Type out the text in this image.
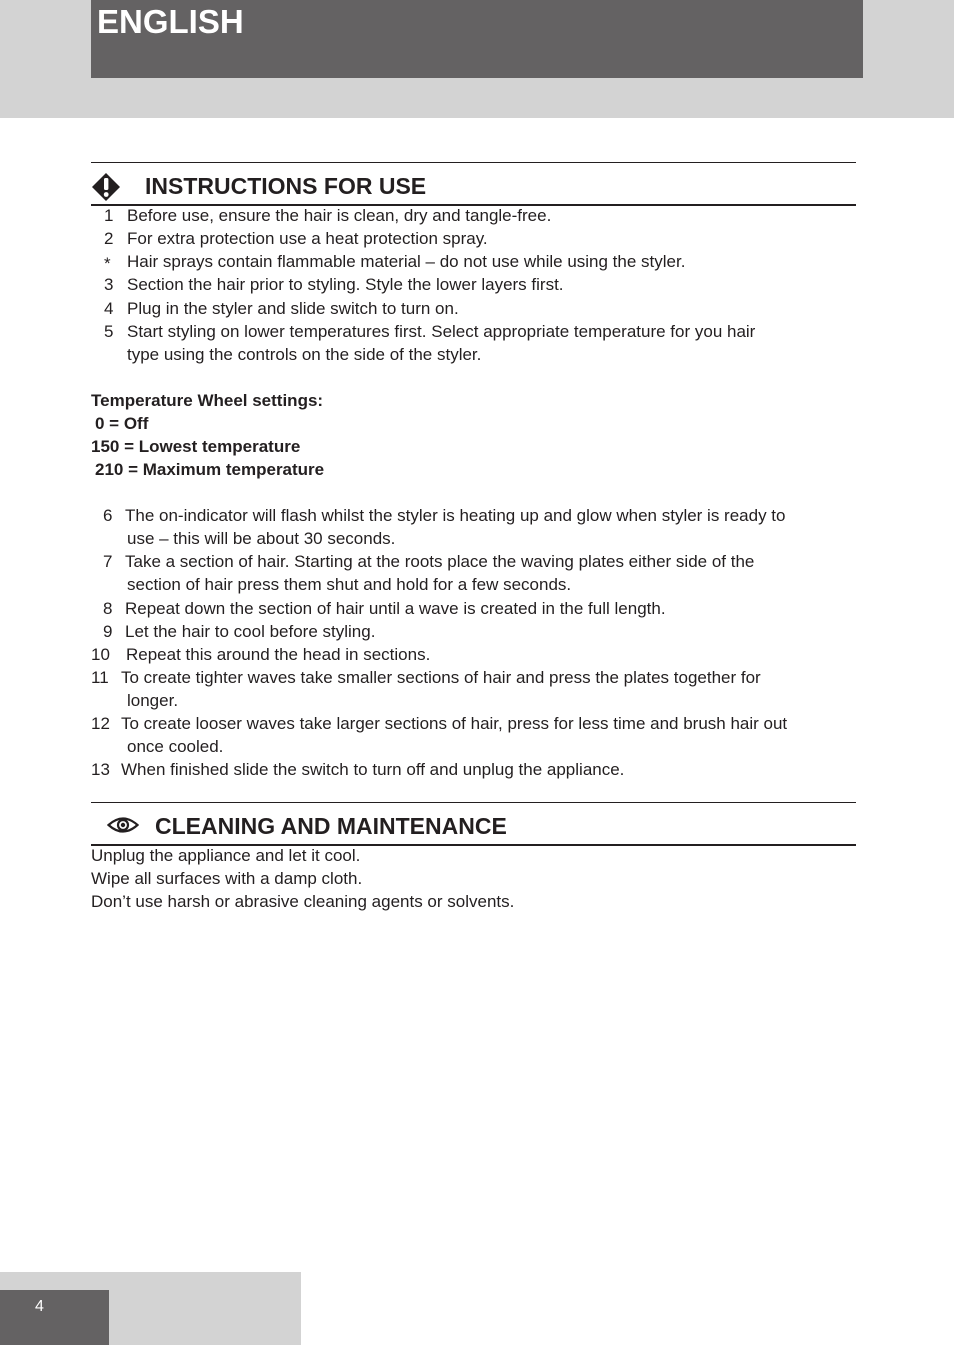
ENGLISH
INSTRUCTIONS FOR USE
1 Before use, ensure the hair is clean, dry and tangle-free.
2 For extra protection use a heat protection spray.
* Hair sprays contain flammable material – do not use while using the styler.
3 Section the hair prior to styling. Style the lower layers first.
4 Plug in the styler and slide switch to turn on.
5 Start styling on lower temperatures first. Select appropriate temperature for you hair
type using the controls on the side of the styler.
Temperature Wheel settings:
0 = Off
150 = Lowest temperature
210 = Maximum temperature
6 The on-indicator will flash whilst the styler is heating up and glow when styler is ready to
use – this will be about 30 seconds.
7 Take a section of hair. Starting at the roots place the waving plates either side of the
section of hair press them shut and hold for a few seconds.
8 Repeat down the section of hair until a wave is created in the full length.
9 Let the hair to cool before styling.
10 Repeat this around the head in sections.
11 To create tighter waves take smaller sections of hair and press the plates together for
longer.
12 To create looser waves take larger sections of hair, press for less time and brush hair out
once cooled.
13 When finished slide the switch to turn off and unplug the appliance.
CLEANING AND MAINTENANCE
Unplug the appliance and let it cool.
Wipe all surfaces with a damp cloth.
Don’t use harsh or abrasive cleaning agents or solvents.
4
